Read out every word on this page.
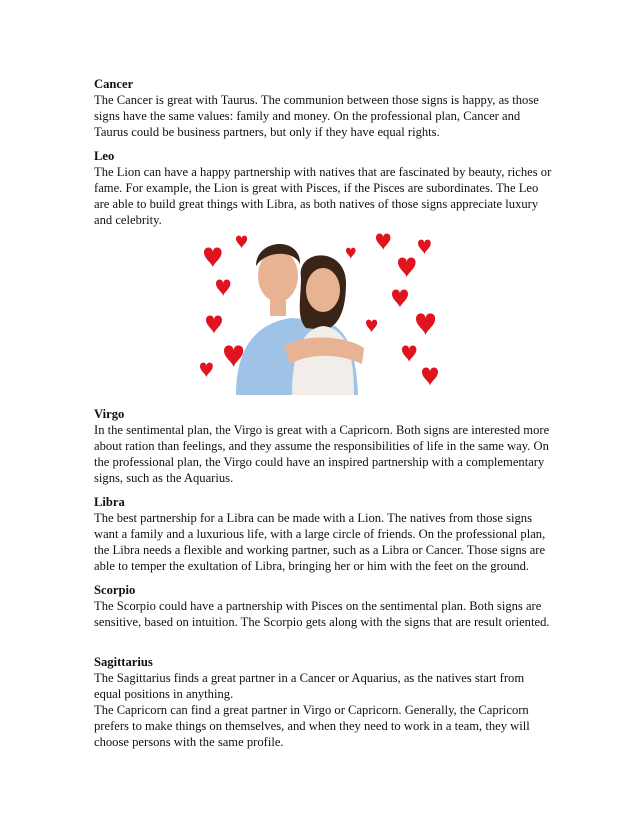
Cancer
The Cancer is great with Taurus. The communion between those signs is happy, as those signs have the same values: family and money. On the professional plan, Cancer and Taurus could be business partners, but only if they have equal rights.
Leo
The Lion can have a happy partnership with natives that are fascinated by beauty, riches or fame. For example, the Lion is great with Pisces, if the Pisces are subordinates. The Leo are able to build great things with Libra, as both natives of those signs appreciate luxury and celebrity.
Virgo
In the sentimental plan, the Virgo is great with a Capricorn. Both signs are interested more about ration than feelings, and they assume the responsibilities of life in the same way. On the professional plan, the Virgo could have an inspired partnership with a complementary signs, such as the Aquarius.
Libra
The best partnership for a Libra can be made with a Lion. The natives from those signs want a family and a luxurious life, with a large circle of friends. On the professional plan, the Libra needs a flexible and working partner, such as a Libra or Cancer. Those signs are able to temper the exultation of Libra, bringing her or him with the feet on the ground.
Scorpio
The Scorpio could have a partnership with Pisces on the sentimental plan. Both signs are sensitive, based on intuition. The Scorpio gets along with the signs that are result oriented.
Sagittarius
The Sagittarius finds a great partner in a Cancer or Aquarius, as the natives start from equal positions in anything.
The Capricorn can find a great partner in Virgo or Capricorn. Generally, the Capricorn prefers to make things on themselves, and when they need to work in a team, they will choose persons with the same profile.
